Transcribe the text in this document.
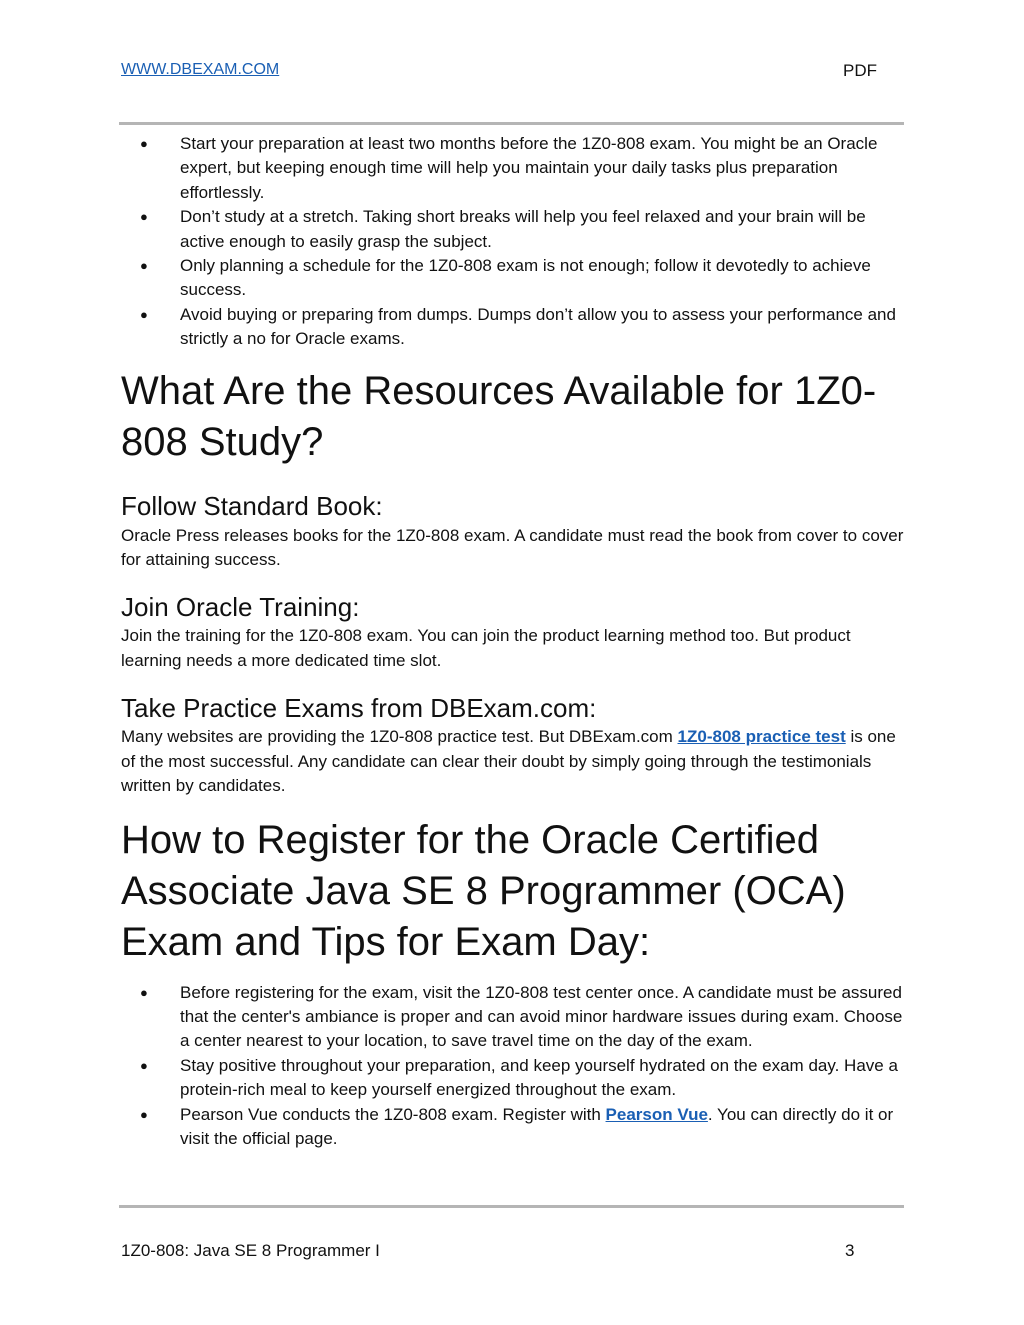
WWW.DBEXAM.COM	PDF
● Start your preparation at least two months before the 1Z0-808 exam. You might be an Oracle expert, but keeping enough time will help you maintain your daily tasks plus preparation effortlessly.
● Don’t study at a stretch. Taking short breaks will help you feel relaxed and your brain will be active enough to easily grasp the subject.
● Only planning a schedule for the 1Z0-808 exam is not enough; follow it devotedly to achieve success.
● Avoid buying or preparing from dumps. Dumps don’t allow you to assess your performance and strictly a no for Oracle exams.
What Are the Resources Available for 1Z0-808 Study?
Follow Standard Book:

Oracle Press releases books for the 1Z0-808 exam. A candidate must read the book from cover to cover for attaining success.

Join Oracle Training:

Join the training for the 1Z0-808 exam. You can join the product learning method too. But product learning needs a more dedicated time slot.

Take Practice Exams from DBExam.com:

Many websites are providing the 1Z0-808 practice test. But DBExam.com 1Z0-808 practice test is one of the most successful. Any candidate can clear their doubt by simply going through the testimonials written by candidates.

How to Register for the Oracle Certified Associate Java SE 8 Programmer (OCA) Exam and Tips for Exam Day:
● Before registering for the exam, visit the 1Z0-808 test center once. A candidate must be assured that the center's ambiance is proper and can avoid minor hardware issues during exam. Choose a center nearest to your location, to save travel time on the day of the exam.
● Stay positive throughout your preparation, and keep yourself hydrated on the exam day. Have a protein-rich meal to keep yourself energized throughout the exam.
● Pearson Vue conducts the 1Z0-808 exam. Register with Pearson Vue. You can directly do it or visit the official page.
1Z0-808: Java SE 8 Programmer I	3
